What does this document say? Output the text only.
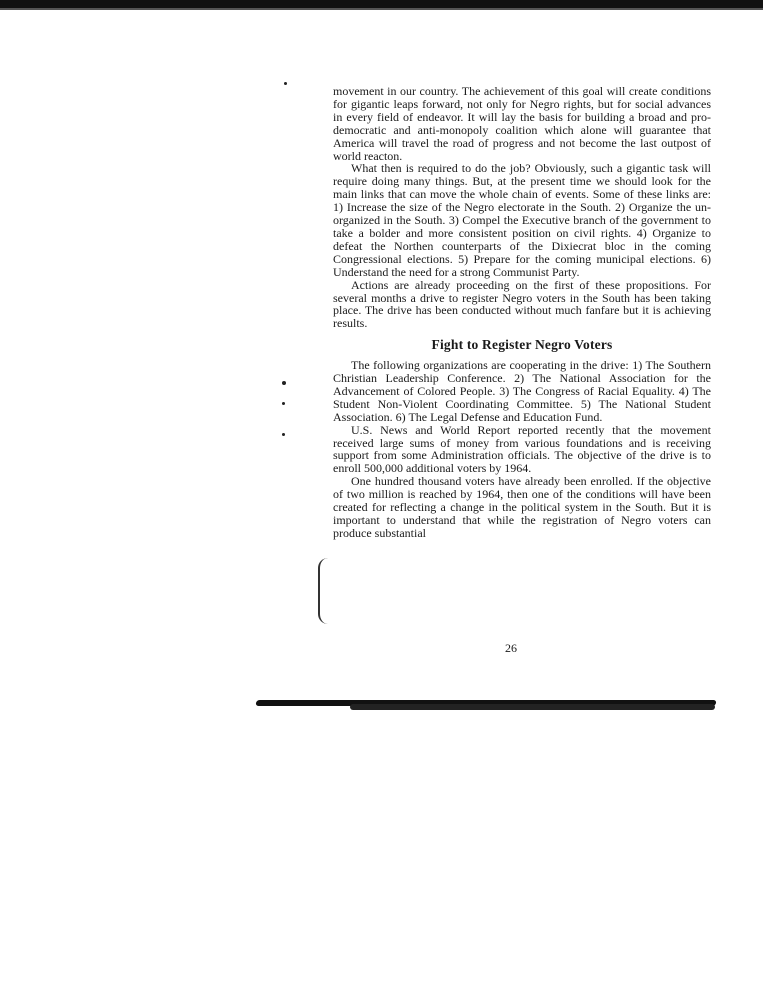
movement in our country. The achievement of this goal will create conditions for gigantic leaps forward, not only for Negro rights, but for social advances in every field of endeavor. It will lay the basis for building a broad and pro-democratic and anti-monopoly coalition which alone will guarantee that America will travel the road of progress and not become the last outpost of world reacton.

What then is required to do the job? Obviously, such a gigantic task will require doing many things. But, at the present time we should look for the main links that can move the whole chain of events. Some of these links are: 1) Increase the size of the Negro electorate in the South. 2) Organize the un-organized in the South. 3) Compel the Executive branch of the government to take a bolder and more consistent position on civil rights. 4) Organize to defeat the Northen counterparts of the Dixiecrat bloc in the coming Congressional elections. 5) Prepare for the coming municipal elections. 6) Understand the need for a strong Communist Party.

Actions are already proceeding on the first of these propositions. For several months a drive to register Negro voters in the South has been taking place. The drive has been conducted without much fanfare but it is achieving results.

Fight to Register Negro Voters

The following organizations are cooperating in the drive: 1) The Southern Christian Leadership Conference. 2) The National Association for the Advancement of Colored People. 3) The Congress of Racial Equality. 4) The Student Non-Violent Coordinating Committee. 5) The National Student Association. 6) The Legal Defense and Education Fund.

U.S. News and World Report reported recently that the movement received large sums of money from various foundations and is receiving support from some Administration officials. The objective of the drive is to enroll 500,000 additional voters by 1964.

One hundred thousand voters have already been enrolled. If the objective of two million is reached by 1964, then one of the conditions will have been created for reflecting a change in the political system in the South. But it is important to understand that while the registration of Negro voters can produce substantial

26
